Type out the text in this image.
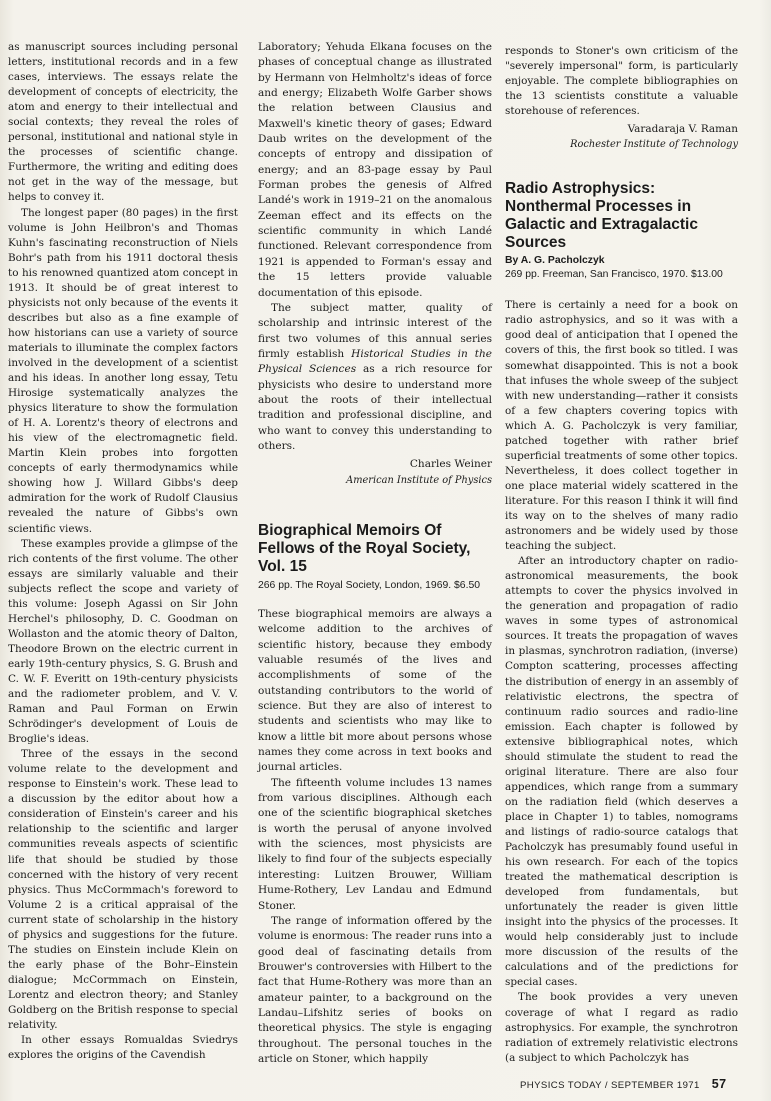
as manuscript sources including personal letters, institutional records and in a few cases, interviews. The essays relate the development of concepts of electricity, the atom and energy to their intellectual and social contexts; they reveal the roles of personal, institutional and national style in the processes of scientific change. Furthermore, the writing and editing does not get in the way of the message, but helps to convey it.

The longest paper (80 pages) in the first volume is John Heilbron's and Thomas Kuhn's fascinating reconstruction of Niels Bohr's path from his 1911 doctoral thesis to his renowned quantized atom concept in 1913. It should be of great interest to physicists not only because of the events it describes but also as a fine example of how historians can use a variety of source materials to illuminate the complex factors involved in the development of a scientist and his ideas. In another long essay, Tetu Hirosige systematically analyzes the physics literature to show the formulation of H. A. Lorentz's theory of electrons and his view of the electromagnetic field. Martin Klein probes into forgotten concepts of early thermodynamics while showing how J. Willard Gibbs's deep admiration for the work of Rudolf Clausius revealed the nature of Gibbs's own scientific views.

These examples provide a glimpse of the rich contents of the first volume. The other essays are similarly valuable and their subjects reflect the scope and variety of this volume: Joseph Agassi on Sir John Herchel's philosophy, D. C. Goodman on Wollaston and the atomic theory of Dalton, Theodore Brown on the electric current in early 19th-century physics, S. G. Brush and C. W. F. Everitt on 19th-century physicists and the radiometer problem, and V. V. Raman and Paul Forman on Erwin Schrödinger's development of Louis de Broglie's ideas.

Three of the essays in the second volume relate to the development and response to Einstein's work. These lead to a discussion by the editor about how a consideration of Einstein's career and his relationship to the scientific and larger communities reveals aspects of scientific life that should be studied by those concerned with the history of very recent physics. Thus McCormmach's foreword to Volume 2 is a critical appraisal of the current state of scholarship in the history of physics and suggestions for the future. The studies on Einstein include Klein on the early phase of the Bohr–Einstein dialogue; McCormmach on Einstein, Lorentz and electron theory; and Stanley Goldberg on the British response to special relativity.

In other essays Romualdas Sviedrys explores the origins of the Cavendish

Laboratory; Yehuda Elkana focuses on the phases of conceptual change as illustrated by Hermann von Helmholtz's ideas of force and energy; Elizabeth Wolfe Garber shows the relation between Clausius and Maxwell's kinetic theory of gases; Edward Daub writes on the development of the concepts of entropy and dissipation of energy; and an 83-page essay by Paul Forman probes the genesis of Alfred Landé's work in 1919–21 on the anomalous Zeeman effect and its effects on the scientific community in which Landé functioned. Relevant correspondence from 1921 is appended to Forman's essay and the 15 letters provide valuable documentation of this episode.

The subject matter, quality of scholarship and intrinsic interest of the first two volumes of this annual series firmly establish Historical Studies in the Physical Sciences as a rich resource for physicists who desire to understand more about the roots of their intellectual tradition and professional discipline, and who want to convey this understanding to others.

Charles Weiner
American Institute of Physics
Biographical Memoirs Of Fellows of the Royal Society, Vol. 15
266 pp. The Royal Society, London, 1969. $6.50

These biographical memoirs are always a welcome addition to the archives of scientific history, because they embody valuable resumés of the lives and accomplishments of some of the outstanding contributors to the world of science. But they are also of interest to students and scientists who may like to know a little bit more about persons whose names they come across in text books and journal articles.

The fifteenth volume includes 13 names from various disciplines. Although each one of the scientific biographical sketches is worth the perusal of anyone involved with the sciences, most physicists are likely to find four of the subjects especially interesting: Luitzen Brouwer, William Hume-Rothery, Lev Landau and Edmund Stoner.

The range of information offered by the volume is enormous: The reader runs into a good deal of fascinating details from Brouwer's controversies with Hilbert to the fact that Hume-Rothery was more than an amateur painter, to a background on the Landau–Lifshitz series of books on theoretical physics. The style is engaging throughout. The personal touches in the article on Stoner, which happily

responds to Stoner's own criticism of the "severely impersonal" form, is particularly enjoyable. The complete bibliographies on the 13 scientists constitute a valuable storehouse of references.

Varadaraja V. Raman
Rochester Institute of Technology
Radio Astrophysics: Nonthermal Processes in Galactic and Extragalactic Sources
By A. G. Pacholczyk
269 pp. Freeman, San Francisco, 1970. $13.00

There is certainly a need for a book on radio astrophysics, and so it was with a good deal of anticipation that I opened the covers of this, the first book so titled. I was somewhat disappointed. This is not a book that infuses the whole sweep of the subject with new understanding—rather it consists of a few chapters covering topics with which A. G. Pacholczyk is very familiar, patched together with rather brief superficial treatments of some other topics. Nevertheless, it does collect together in one place material widely scattered in the literature. For this reason I think it will find its way on to the shelves of many radio astronomers and be widely used by those teaching the subject.

After an introductory chapter on radio-astronomical measurements, the book attempts to cover the physics involved in the generation and propagation of radio waves in some types of astronomical sources. It treats the propagation of waves in plasmas, synchrotron radiation, (inverse) Compton scattering, processes affecting the distribution of energy in an assembly of relativistic electrons, the spectra of continuum radio sources and radio-line emission. Each chapter is followed by extensive bibliographical notes, which should stimulate the student to read the original literature. There are also four appendices, which range from a summary on the radiation field (which deserves a place in Chapter 1) to tables, nomograms and listings of radio-source catalogs that Pacholczyk has presumably found useful in his own research. For each of the topics treated the mathematical description is developed from fundamentals, but unfortunately the reader is given little insight into the physics of the processes. It would help considerably just to include more discussion of the results of the calculations and of the predictions for special cases.

The book provides a very uneven coverage of what I regard as radio astrophysics. For example, the synchrotron radiation of extremely relativistic electrons (a subject to which Pacholczyk has

PHYSICS TODAY / SEPTEMBER 1971 57
